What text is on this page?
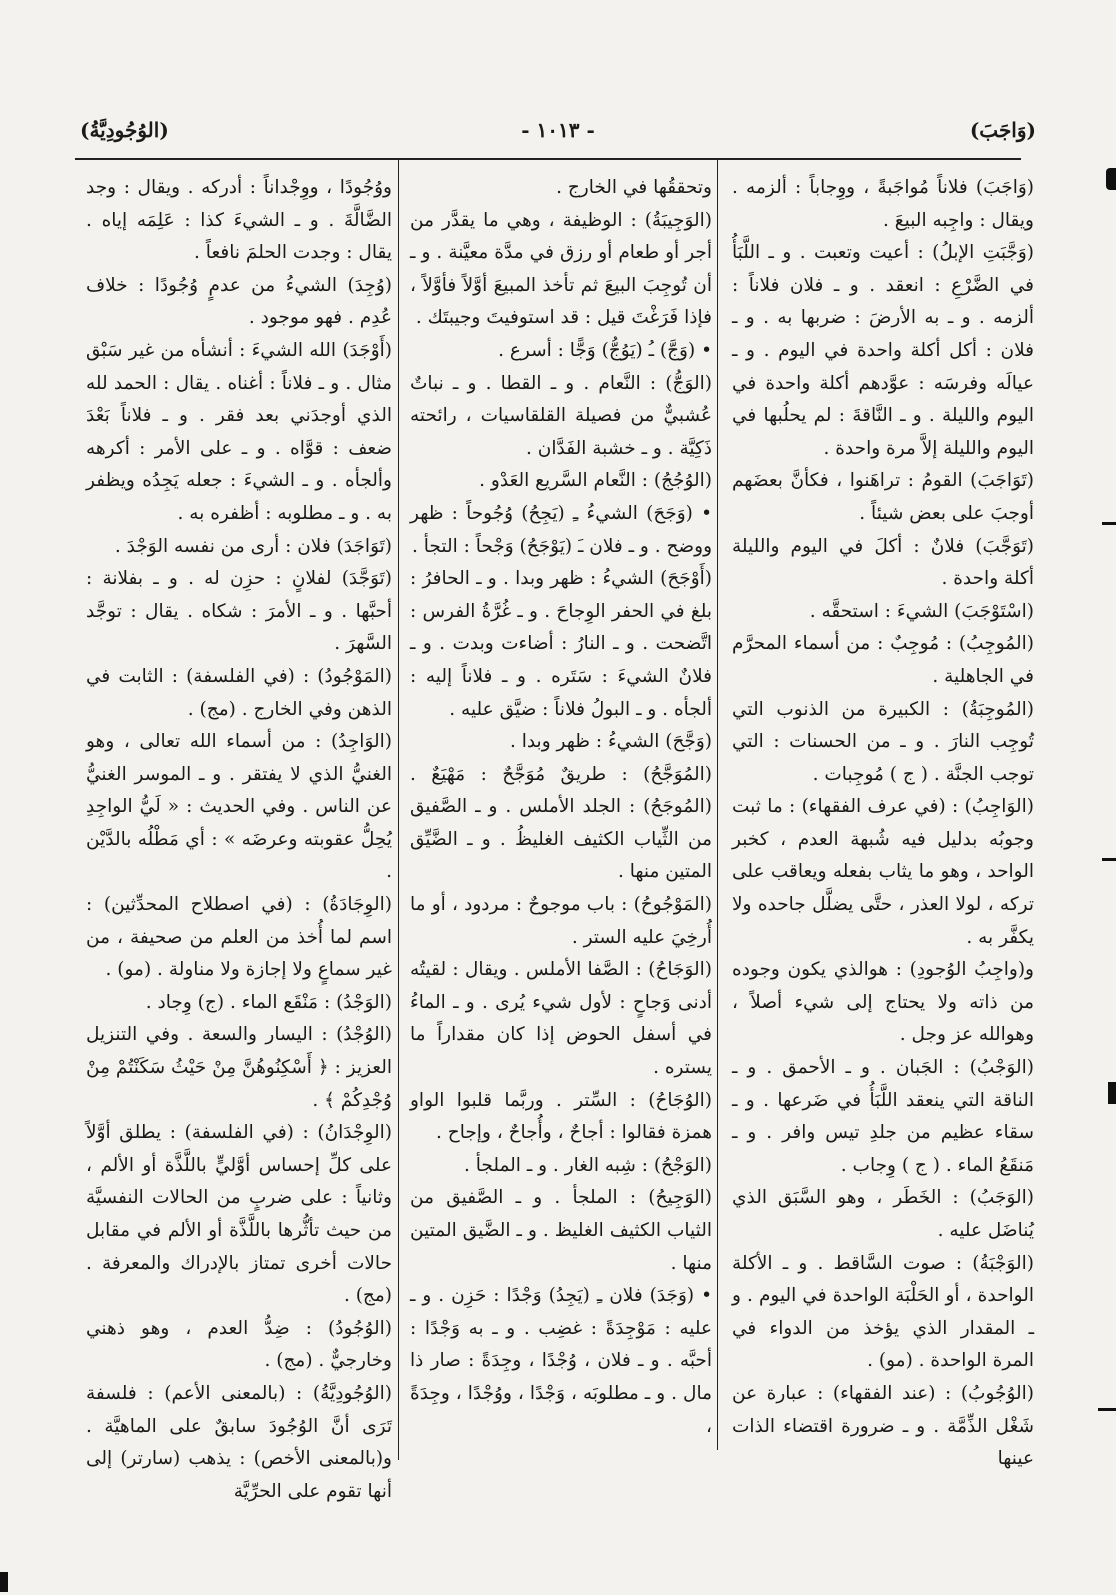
(وَاجَبَ)
- ١٠١٣ -
(الوُجُودِيَّةُ)

(وَاجَبَ) فلاناً مُواجَبةً ، ووِجاباً : ألزمه . ويقال : واجِبه البيعَ .

(وَجَّبَتِ الإبلُ) : أعيت وتعبت . و ـ اللَّبَأُ في الضَّرْعِ : انعقد . و ـ فلان فلاناً : ألزمه . و ـ به الأرضَ : ضربها به . و ـ فلان : أكل أكلة واحدة في اليوم . و ـ عيالَه وفرسَه : عوَّدهم أكلة واحدة في اليوم والليلة . و ـ النَّاقةَ : لم يحلُبها في اليوم والليلة إلاَّ مرة واحدة .

(تَوَاجَبَ) القومُ : تراهَنوا ، فكأنَّ بعضَهم أوجبَ على بعض شيئاً .

(تَوَجَّبَ) فلانٌ : أكلَ في اليوم والليلة أكلة واحدة .

(اسْتَوْجَبَ) الشيءَ : استحقَّه .

(المُوجِبُ) : مُوجِبٌ : من أسماء المحرَّم في الجاهلية .

(المُوجِبَةُ) : الكبيرة من الذنوب التي تُوجِب النارَ . و ـ من الحسنات : التي توجب الجنَّة . ( ج ) مُوجِبات .

(الوَاجِبُ) : (في عرف الفقهاء) : ما ثبت وجوبُه بدليل فيه شُبهة العدم ، كخبر الواحد ، وهو ما يثاب بفعله ويعاقب على تركه ، لولا العذر ، حتَّى يضلَّل جاحده ولا يكفَّر به .

و(واجِبُ الوُجودِ) : هوالذي يكون وجوده من ذاته ولا يحتاج إلى شيء أصلاً ، وهوالله عز وجل .

(الوَجْبُ) : الجَبان . و ـ الأحمق . و ـ الناقة التي ينعقد اللَّبَأُ في ضَرعها . و ـ سقاء عظيم من جلدِ تيس وافر . و ـ مَنقَعُ الماء . ( ج ) وِجاب .

(الوَجَبُ) : الخَطَر ، وهو السَّبَق الذي يُناضَل عليه .

(الوَجْبَةُ) : صوت السَّاقط . و ـ الأكلة الواحدة ، أو الحَلْبَة الواحدة في اليوم . و ـ المقدار الذي يؤخذ من الدواء في المرة الواحدة . (مو) .

(الوُجُوبُ) : (عند الفقهاء) : عبارة عن شَغْل الذِّمَّة . و ـ ضرورة اقتضاء الذات عينها

وتحققُها في الخارج .

(الوَجِيبَةُ) : الوظيفة ، وهي ما يقدَّر من أجر أو طعام أو رزق في مدَّة معيَّنة . و ـ أن تُوجِبَ البيعَ ثم تأخذ المبيعَ أوَّلاً فأوَّلاً ، فإذا فَرَغْتَ قيل : قد استوفيتَ وجيبتَك .

• (وَجَّ) ـُ (يَوُجُّ) وَجًّا : أسرع .

(الوَجُّ) : النَّعام . و ـ القطا . و ـ نباتٌ عُشبيٌّ من فصيلة القلقاسيات ، رائحته ذَكِيَّة . و ـ خشبة الفَدَّان .

(الوُجُجُ) : النَّعام السَّريع العَدْو .

• (وَجَحَ) الشيءُ ـِ (يَجِحُ) وُجُوحاً : ظهر ووضح . و ـ فلان ـَ (يَوْجَحُ) وَجْحاً : التجأ .

(أَوْجَحَ) الشيءُ : ظهر وبدا . و ـ الحافرُ : بلغ في الحفر الوِجاحَ . و ـ غُرَّةُ الفرس : اتَّضحت . و ـ النارُ : أضاءت وبدت . و ـ فلانٌ الشيءَ : سَتَره . و ـ فلاناً إليه : ألجأه . و ـ البولُ فلاناً : ضيَّق عليه .

(وَجَّحَ) الشيءُ : ظهر وبدا .

(المُوَجَّحُ) : طريقٌ مُوَجَّحٌ : مَهْيَعٌ . (المُوجَحُ) : الجلد الأملس . و ـ الصَّفيق من الثِّياب الكثيف الغليظُ . و ـ الضَّيِّق المتين منها .

(المَوْجُوحُ) : باب موجوحٌ : مردود ، أو ما أُرخِيَ عليه الستر .

(الوَجَاحُ) : الصَّفا الأملس . ويقال : لقيتُه أدنى وَجاحٍ : لأول شيء يُرى . و ـ الماءُ في أسفل الحوض إذا كان مقداراً ما يستره .

(الوُجَاحُ) : السِّتر . وربَّما قلبوا الواو همزة فقالوا : أجاحٌ ، وأُجاحٌ ، وإجاح .

(الوَجْحُ) : شِبه الغار . و ـ الملجأ .

(الوَجِيحُ) : الملجأ . و ـ الصَّفيق من الثياب الكثيف الغليظ . و ـ الضَّيق المتين منها .

• (وَجَدَ) فلان ـِ (يَجِدُ) وَجْدًا : حَزِن . و ـ عليه : مَوْجِدَةً : غضِب . و ـ به وَجْدًا : أحبَّه . و ـ فلان ، وُجْدًا ، وجِدَةً : صار ذا مال . و ـ مطلوبَه ، وَجْدًا ، ووُجْدًا ، وجِدَةً ،

ووُجُودًا ، ووِجْداناً : أدركه . ويقال : وجد الضَّالَّةَ . و ـ الشيءَ كذا : عَلِمَه إياه . يقال : وجدت الحلمَ نافعاً .

(وُجِدَ) الشيءُ من عدمٍ وُجُودًا : خلاف عُدِم . فهو موجود .

(أَوْجَدَ) الله الشيءَ : أنشأه من غير سَبْق مثال . و ـ فلاناً : أغناه . يقال : الحمد لله الذي أوجدَني بعد فقر . و ـ فلاناً بَعْدَ ضعف : قوَّاه . و ـ على الأمر : أكرهه وألجأه . و ـ الشيءَ : جعله يَجِدُه ويظفر به . و ـ مطلوبه : أظفره به .

(تَوَاجَدَ) فلان : أرى من نفسه الوَجْدَ .

(تَوَجَّدَ) لفلانٍ : حزِن له . و ـ بفلانة : أحبَّها . و ـ الأمرَ : شكاه . يقال : توجَّد السَّهرَ .

(المَوْجُودُ) : (في الفلسفة) : الثابت في الذهن وفي الخارج . (مج) .

(الوَاجِدُ) : من أسماء الله تعالى ، وهو الغنيُّ الذي لا يفتقر . و ـ الموسر الغنيُّ عن الناس . وفي الحديث : « لَيُّ الواجِدِ يُحِلُّ عقوبته وعرضَه » : أي مَطْلُه بالدَّيْن .

(الوِجَادَةُ) : (في اصطلاح المحدِّثين) : اسم لما أُخذ من العلم من صحيفة ، من غير سماعٍ ولا إجازة ولا مناولة . (مو) .

(الوَجْدُ) : مَنْقَع الماء . (ج) وِجاد .

(الوُجْدُ) : اليسار والسعة . وفي التنزيل العزيز : ﴿ أَسْكِنُوهُنَّ مِنْ حَيْثُ سَكَنْتُمْ مِنْ وُجْدِكُمْ ﴾ .

(الوِجْدَانُ) : (في الفلسفة) : يطلق أوَّلاً على كلِّ إحساس أوَّليٍّ باللَّذَّة أو الألم ، وثانياً : على ضربٍ من الحالات النفسيَّة من حيث تأثُّرها باللَّذَّة أو الألم في مقابل حالات أخرى تمتاز بالإدراك والمعرفة . (مج) .

(الوُجُودُ) : ضِدُّ العدم ، وهو ذهني وخارجيٌّ . (مج) .

(الوُجُودِيَّةُ) : (بالمعنى الأعم) : فلسفة تَرَى أنَّ الوُجُودَ سابقٌ على الماهيَّة . و(بالمعنى الأخص) : يذهب (سارتر) إلى أنها تقوم على الحرِّيَّة
